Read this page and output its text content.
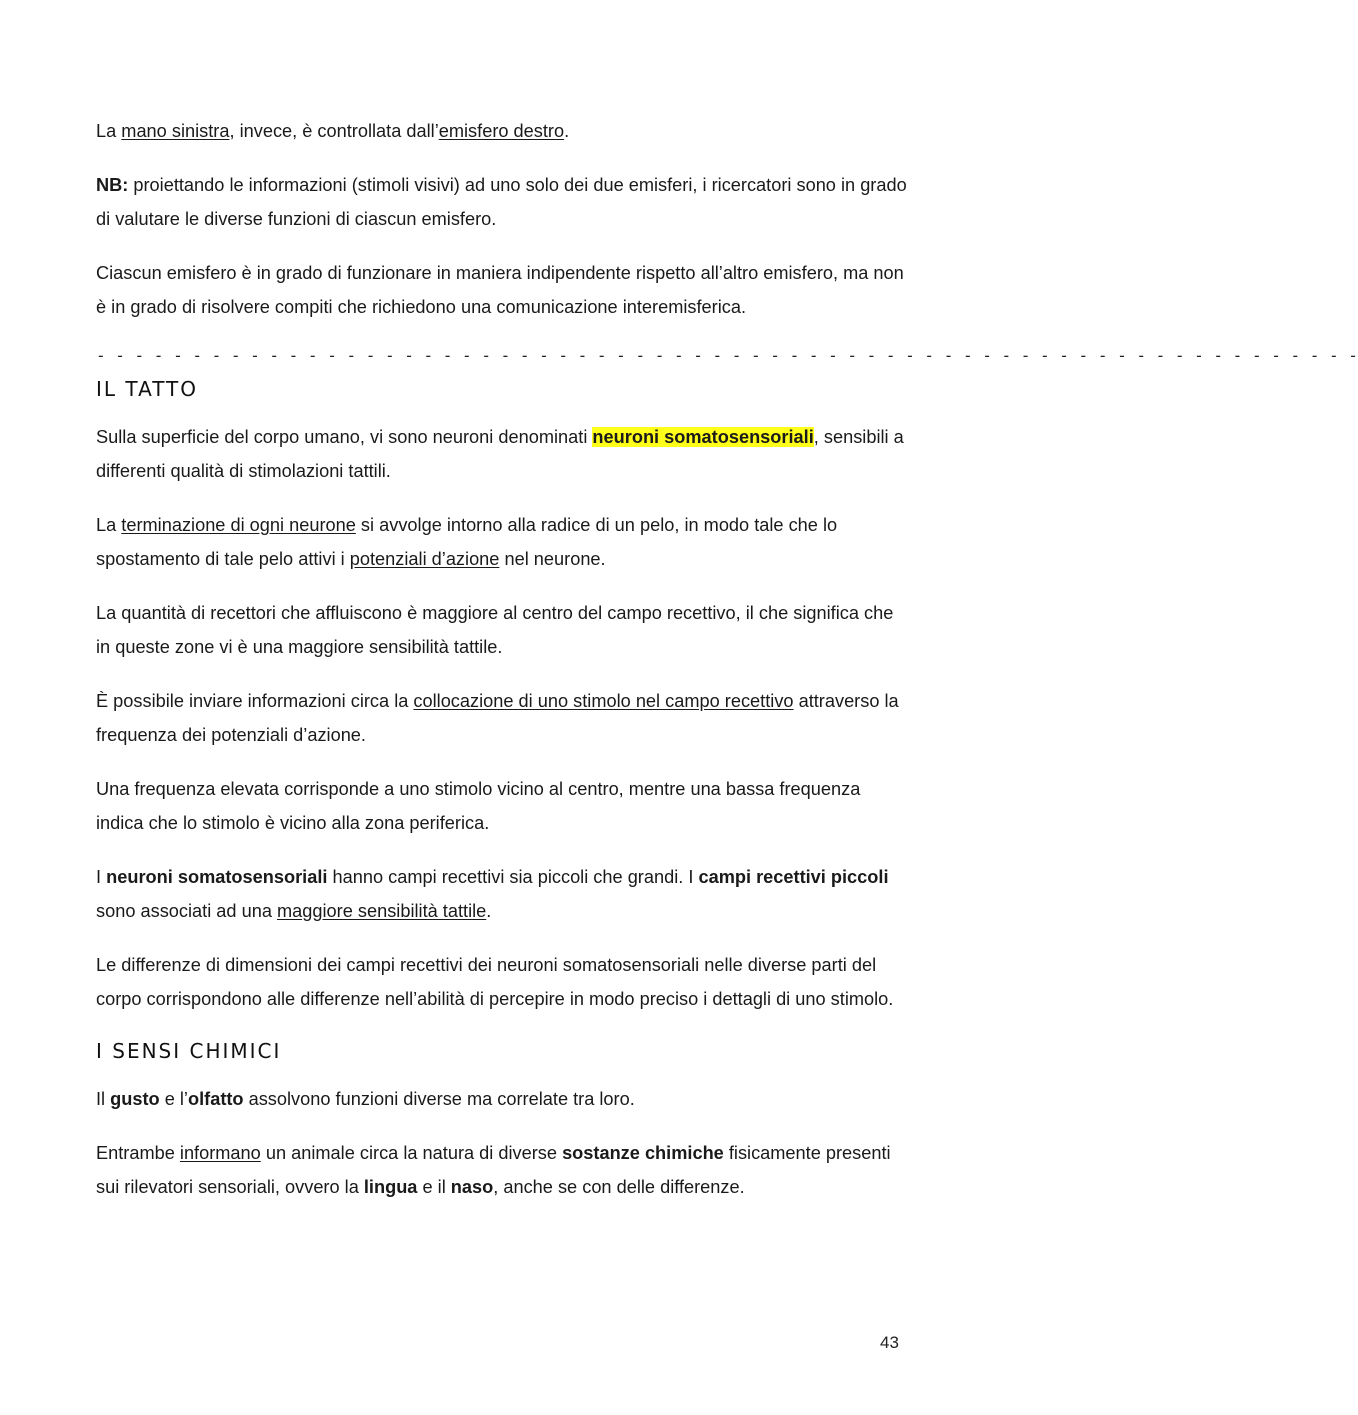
La mano sinistra, invece, è controllata dall’emisfero destro.

NB: proiettando le informazioni (stimoli visivi) ad uno solo dei due emisferi, i ricercatori sono in grado di valutare le diverse funzioni di ciascun emisfero.

Ciascun emisfero è in grado di funzionare in maniera indipendente rispetto all’altro emisfero, ma non è in grado di risolvere compiti che richiedono una comunicazione interemisferica.

- - - - - - - - - - - - - - - - - - - - - - - - - - - - - - - - - - - - - - - - - - - - - - - - - - - - - - - - - - - - - - - - - -
IL TATTO

Sulla superficie del corpo umano, vi sono neuroni denominati neuroni somatosensoriali, sensibili a differenti qualità di stimolazioni tattili.

La terminazione di ogni neurone si avvolge intorno alla radice di un pelo, in modo tale che lo spostamento di tale pelo attivi i potenziali d’azione nel neurone.

La quantità di recettori che affluiscono è maggiore al centro del campo recettivo, il che significa che in queste zone vi è una maggiore sensibilità tattile.

È possibile inviare informazioni circa la collocazione di uno stimolo nel campo recettivo attraverso la frequenza dei potenziali d’azione.

Una frequenza elevata corrisponde a uno stimolo vicino al centro, mentre una bassa frequenza indica che lo stimolo è vicino alla zona periferica.

I neuroni somatosensoriali hanno campi recettivi sia piccoli che grandi. I campi recettivi piccoli sono associati ad una maggiore sensibilità tattile.

Le differenze di dimensioni dei campi recettivi dei neuroni somatosensoriali nelle diverse parti del corpo corrispondono alle differenze nell’abilità di percepire in modo preciso i dettagli di uno stimolo.

I SENSI CHIMICI

Il gusto e l’olfatto assolvono funzioni diverse ma correlate tra loro.

Entrambe informano un animale circa la natura di diverse sostanze chimiche fisicamente presenti sui rilevatori sensoriali, ovvero la lingua e il naso, anche se con delle differenze.

43
